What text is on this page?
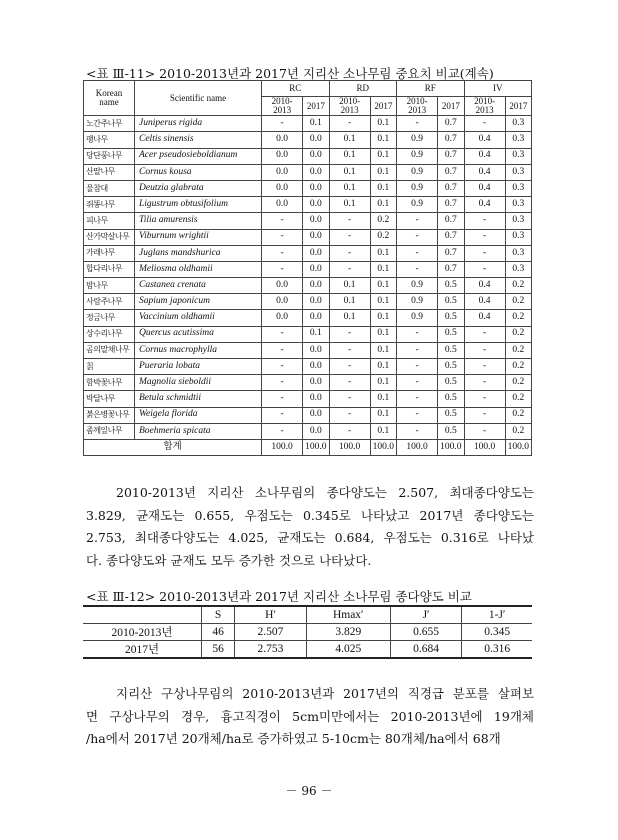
<표 Ⅲ-11> 2010-2013년과 2017년 지리산 소나무림 중요치 비교(계속)
Korean name	Scientific name	RC		RD		RF		IV	
		2010-2013	2017	2010-2013	2017	2010-2013	2017	2010-2013	2017
노간주나무	Juniperus rigida	-	0.1	-	0.1	-	0.7	-	0.3
팽나무	Celtis sinensis	0.0	0.0	0.1	0.1	0.9	0.7	0.4	0.3
당단풍나무	Acer pseudosieboldianum	0.0	0.0	0.1	0.1	0.9	0.7	0.4	0.3
산딸나무	Cornus kousa	0.0	0.0	0.1	0.1	0.9	0.7	0.4	0.3
물참대	Deutzia glabrata	0.0	0.0	0.1	0.1	0.9	0.7	0.4	0.3
쥐똥나무	Ligustrum obtusifolium	0.0	0.0	0.1	0.1	0.9	0.7	0.4	0.3
피나무	Tilia amurensis	-	0.0	-	0.2	-	0.7	-	0.3
산가막살나무	Viburnum wrightii	-	0.0	-	0.2	-	0.7	-	0.3
가래나무	Juglans mandshurica	-	0.0	-	0.1	-	0.7	-	0.3
합다리나무	Meliosma oldhamii	-	0.0	-	0.1	-	0.7	-	0.3
밤나무	Castanea crenata	0.0	0.0	0.1	0.1	0.9	0.5	0.4	0.2
사람주나무	Sapium japonicum	0.0	0.0	0.1	0.1	0.9	0.5	0.4	0.2
정금나무	Vaccinium oldhamii	0.0	0.0	0.1	0.1	0.9	0.5	0.4	0.2
상수리나무	Quercus acutissima	-	0.1	-	0.1	-	0.5	-	0.2
곰의말채나무	Cornus macrophylla	-	0.0	-	0.1	-	0.5	-	0.2
칡	Pueraria lobata	-	0.0	-	0.1	-	0.5	-	0.2
함박꽃나무	Magnolia sieboldii	-	0.0	-	0.1	-	0.5	-	0.2
박달나무	Betula schmidtii	-	0.0	-	0.1	-	0.5	-	0.2
붉은병꽃나무	Weigela florida	-	0.0	-	0.1	-	0.5	-	0.2
좀깨잎나무	Boehmeria spicata	-	0.0	-	0.1	-	0.5	-	0.2
합계		100.0	100.0	100.0	100.0	100.0	100.0	100.0	100.0
2010-2013년 지리산 소나무림의 종다양도는 2.507, 최대종다양도는
3.829, 균재도는 0.655, 우점도는 0.345로 나타났고 2017년 종다양도는
2.753, 최대종다양도는 4.025, 균재도는 0.684, 우점도는 0.316로 나타났
다. 종다양도와 균재도 모두 증가한 것으로 나타났다.
<표 Ⅲ-12> 2010-2013년과 2017년 지리산 소나무림 종다양도 비교
	S	H′	Hmax′	J′	1-J′
2010-2013년	46	2.507	3.829	0.655	0.345
2017년	56	2.753	4.025	0.684	0.316
지리산 구상나무림의 2010-2013년과 2017년의 직경급 분포를 살펴보
면 구상나무의 경우, 흉고직경이 5cm미만에서는 2010-2013년에 19개체
/ha에서 2017년 20개체/ha로 증가하였고 5-10cm는 80개체/ha에서 68개
－ 96 －
